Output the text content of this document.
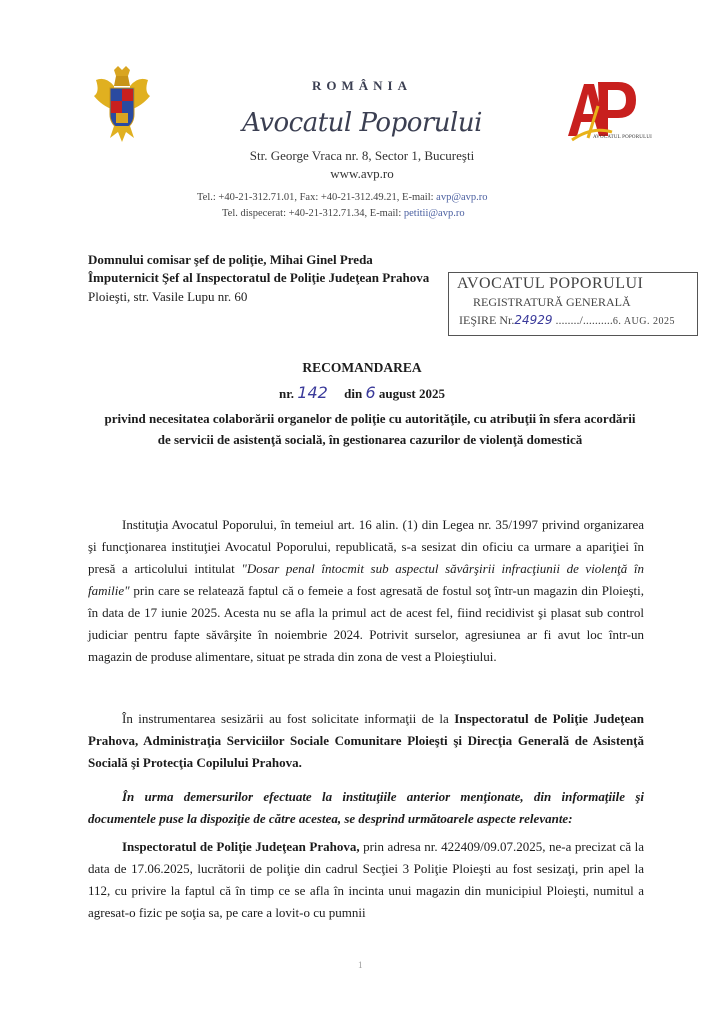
AVOCATUL POPORULUI
ROMÂNIA
Avocatul Poporului
Str. George Vraca nr. 8, Sector 1, Bucureşti
www.avp.ro
Tel.: +40-21-312.71.01, Fax: +40-21-312.49.21, E-mail: avp@avp.ro
Tel. dispecerat: +40-21-312.71.34, E-mail: petitii@avp.ro
Domnului comisar şef de poliţie, Mihai Ginel Preda
Împuternicit Şef al Inspectoratul de Poliţie Judeţean Prahova
Ploieşti, str. Vasile Lupu nr. 60
AVOCATUL POPORULUI
REGISTRATURĂ GENERALĂ
IEŞIRE Nr.24929 ......../..........6. AUG. 2025
RECOMANDAREA
nr. 142 din 6 august 2025
privind necesitatea colaborării organelor de poliţie cu autorităţile, cu atribuţii în sfera acordării de servicii de asistenţă socială, în gestionarea cazurilor de violenţă domestică
Instituţia Avocatul Poporului, în temeiul art. 16 alin. (1) din Legea nr. 35/1997 privind organizarea şi funcţionarea instituţiei Avocatul Poporului, republicată, s-a sesizat din oficiu ca urmare a apariţiei în presă a articolului intitulat "Dosar penal întocmit sub aspectul săvârşirii infracţiunii de violenţă în familie" prin care se relatează faptul că o femeie a fost agresată de fostul soţ într-un magazin din Ploieşti, în data de 17 iunie 2025. Acesta nu se afla la primul act de acest fel, fiind recidivist şi plasat sub control judiciar pentru fapte săvârşite în noiembrie 2024. Potrivit surselor, agresiunea ar fi avut loc într-un magazin de produse alimentare, situat pe strada din zona de vest a Ploieştiului.
În instrumentarea sesizării au fost solicitate informaţii de la Inspectoratul de Poliţie Judeţean Prahova, Administraţia Serviciilor Sociale Comunitare Ploieşti şi Direcţia Generală de Asistenţă Socială şi Protecţia Copilului Prahova.
În urma demersurilor efectuate la instituţiile anterior menţionate, din informaţiile şi documentele puse la dispoziţie de către acestea, se desprind următoarele aspecte relevante:
Inspectoratul de Poliţie Judeţean Prahova, prin adresa nr. 422409/09.07.2025, ne-a precizat că la data de 17.06.2025, lucrătorii de poliţie din cadrul Secţiei 3 Poliţie Ploieşti au fost sesizaţi, prin apel la 112, cu privire la faptul că în timp ce se afla în incinta unui magazin din municipiul Ploieşti, numitul a agresat-o fizic pe soţia sa, pe care a lovit-o cu pumnii
1
